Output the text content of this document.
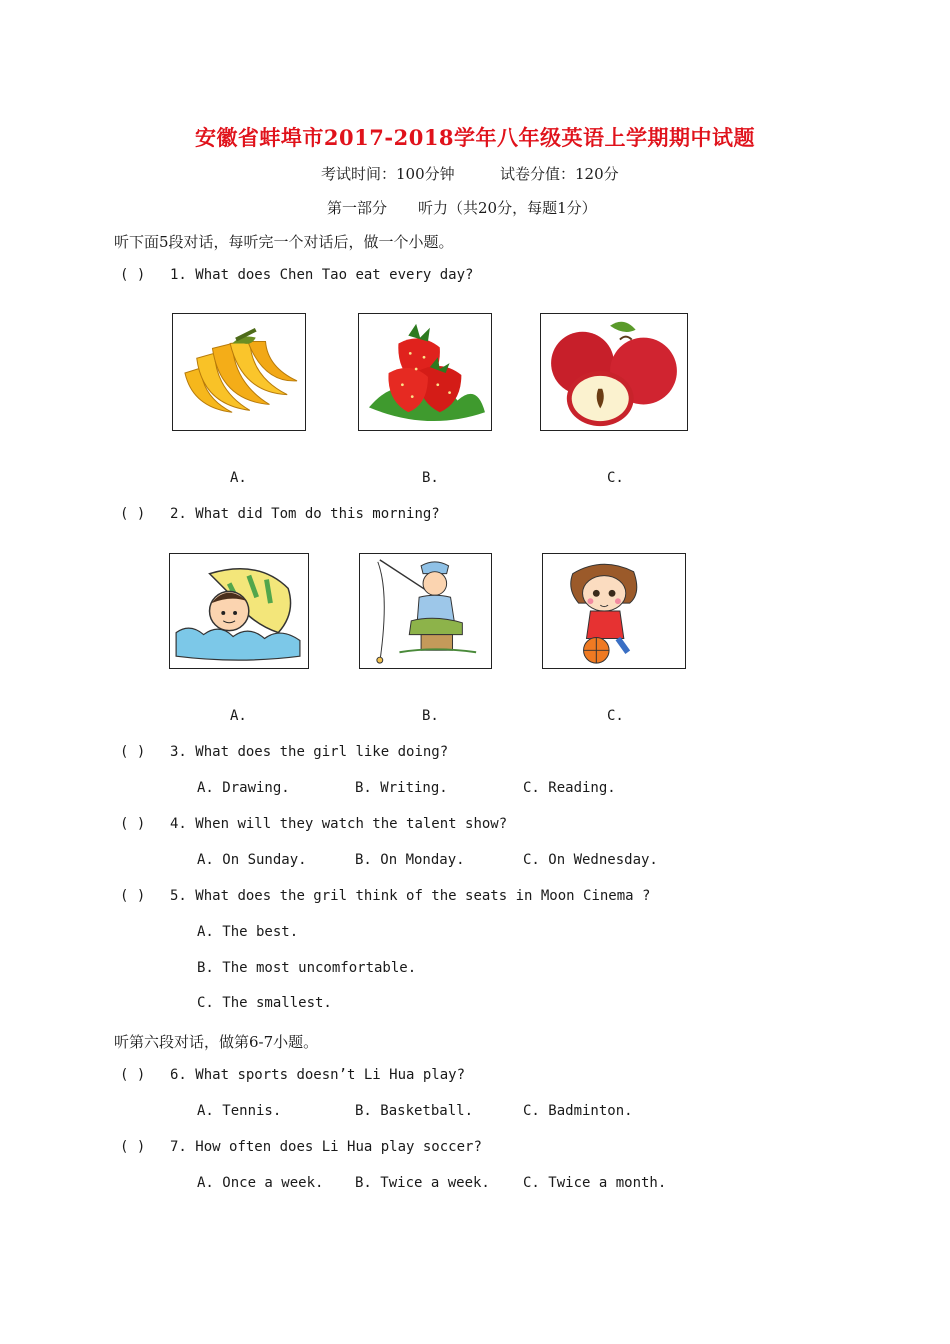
安徽省蚌埠市2017-2018学年八年级英语上学期期中试题
考试时间：100分钟	试卷分值：120分
第一部分 听力（共20分，每题1分）
听下面5段对话，每听完一个对话后，做一个小题。
( ) 1. What does Chen Tao eat every day?
A.	B.	C.
( ) 2. What did Tom do this morning?
A.	B.	C.
( ) 3. What does the girl like doing?
A. Drawing.	B. Writing.	C. Reading.
( ) 4. When will they watch the talent show?
A. On Sunday.	B. On Monday.	C. On Wednesday.
( ) 5. What does the gril think of the seats in Moon Cinema ?
A. The best.
B. The most uncomfortable.
C. The smallest.
听第六段对话，做第6-7小题。
( ) 6. What sports doesn’t Li Hua play?
A. Tennis.	B. Basketball.	C. Badminton.
( ) 7. How often does Li Hua play soccer?
A. Once a week. B. Twice a week. C. Twice a month.
